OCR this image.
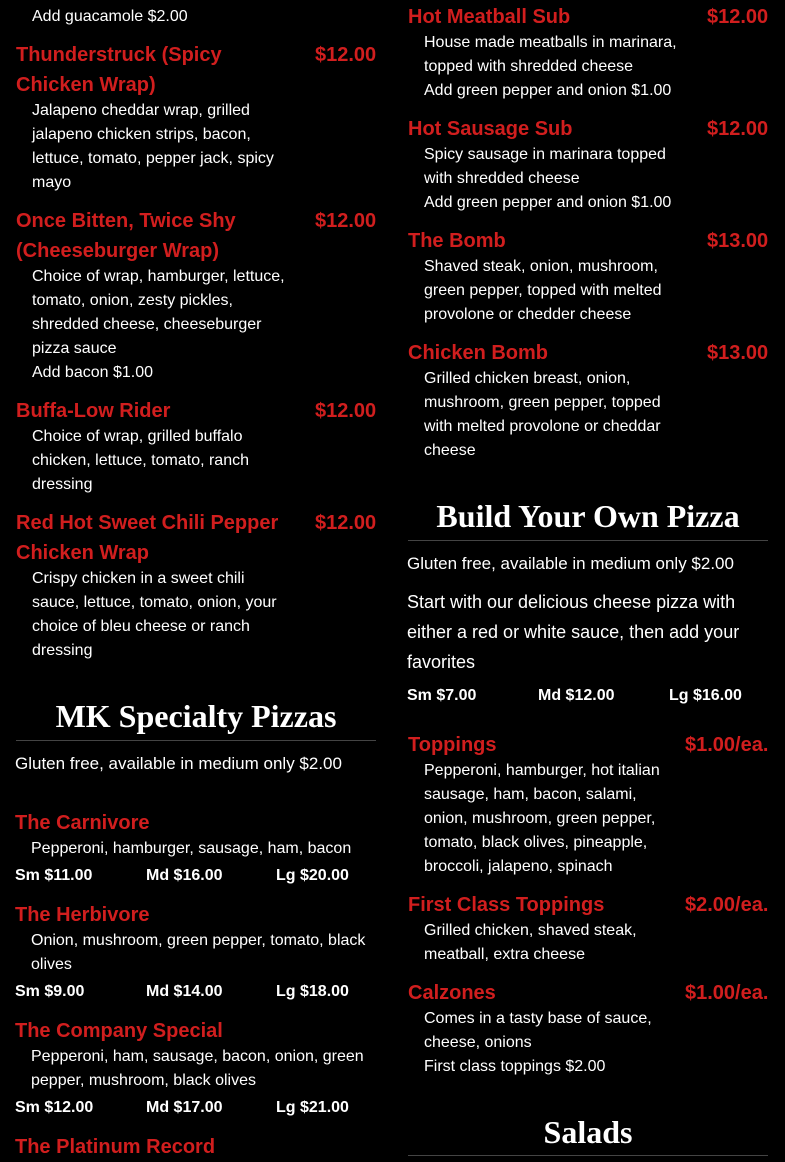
Add guacamole $2.00
Thunderstruck (Spicy Chicken Wrap)
$12.00
Jalapeno cheddar wrap, grilled jalapeno chicken strips, bacon, lettuce, tomato, pepper jack, spicy mayo
Once Bitten, Twice Shy (Cheeseburger Wrap)
$12.00
Choice of wrap, hamburger, lettuce, tomato, onion, zesty pickles, shredded cheese, cheeseburger pizza sauce
Add bacon $1.00
Buffa-Low Rider	$12.00
Choice of wrap, grilled buffalo chicken, lettuce, tomato, ranch dressing
Red Hot Sweet Chili Pepper Chicken Wrap
$12.00
Crispy chicken in a sweet chili sauce, lettuce, tomato, onion, your choice of bleu cheese or ranch dressing
MK Specialty Pizzas
Gluten free, available in medium only $2.00
The Carnivore
Pepperoni, hamburger, sausage, ham, bacon
Sm $11.00	Md $16.00	Lg $20.00
The Herbivore
Onion, mushroom, green pepper, tomato, black olives
Sm $9.00	Md $14.00	Lg $18.00
The Company Special
Pepperoni, ham, sausage, bacon, onion, green pepper, mushroom, black olives
Sm $12.00	Md $17.00	Lg $21.00
The Platinum Record
Hot Meatball Sub	$12.00
House made meatballs in marinara, topped with shredded cheese
Add green pepper and onion $1.00
Hot Sausage Sub	$12.00
Spicy sausage in marinara topped with shredded cheese
Add green pepper and onion $1.00
The Bomb	$13.00
Shaved steak, onion, mushroom, green pepper, topped with melted provolone or chedder cheese
Chicken Bomb	$13.00
Grilled chicken breast, onion, mushroom, green pepper, topped with melted provolone or cheddar cheese
Build Your Own Pizza
Gluten free, available in medium only $2.00
Start with our delicious cheese pizza with either a red or white sauce, then add your favorites
Sm $7.00	Md $12.00	Lg $16.00
Toppings	$1.00/ea.
Pepperoni, hamburger, hot italian sausage, ham, bacon, salami, onion, mushroom, green pepper, tomato, black olives, pineapple, broccoli, jalapeno, spinach
First Class Toppings	$2.00/ea.
Grilled chicken, shaved steak, meatball, extra cheese
Calzones	$1.00/ea.
Comes in a tasty base of sauce, cheese, onions
First class toppings $2.00
Salads
